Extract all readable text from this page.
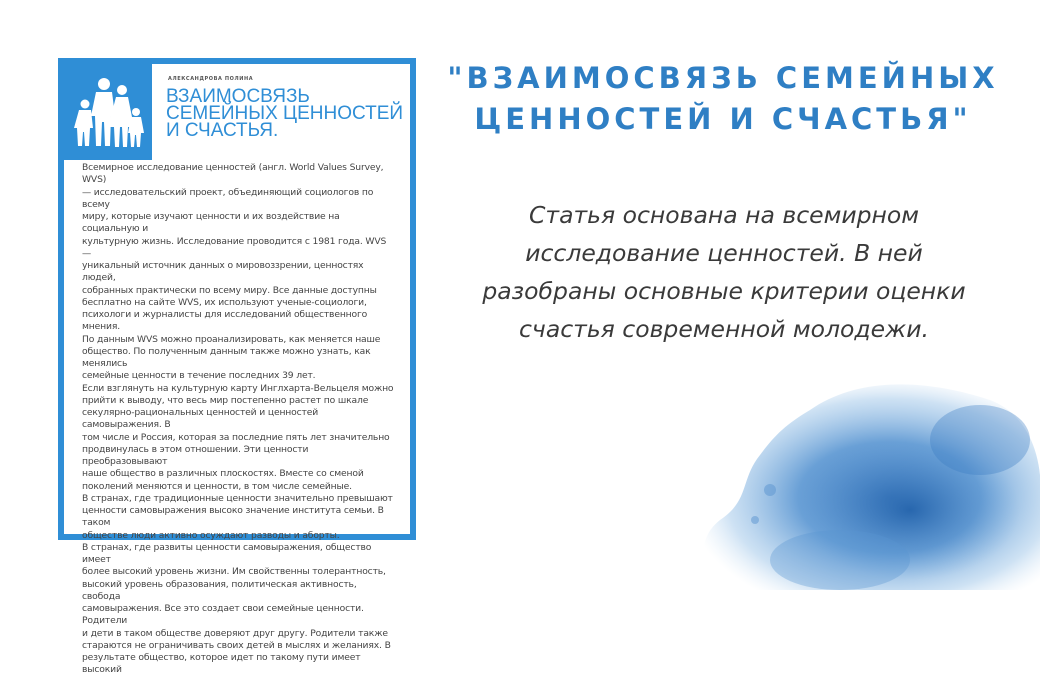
АЛЕКСАНДРОВА ПОЛИНА
ВЗАИМОСВЯЗЬ СЕМЕЙНЫХ ЦЕННОСТЕЙ И СЧАСТЬЯ.
Всемирное исследование ценностей (англ. World Values Survey, WVS)
— исследовательский проект, объединяющий социологов по всему
миру, которые изучают ценности и их воздействие на социальную и
культурную жизнь. Исследование проводится с 1981 года. WVS —
уникальный источник данных о мировоззрении, ценностях людей,
собранных практически по всему миру. Все данные доступны
бесплатно на сайте WVS, их используют ученые-социологи,
психологи и журналисты для исследований общественного мнения.
По данным WVS можно проанализировать, как меняется наше
общество. По полученным данным также можно узнать, как менялись
семейные ценности в течение последних 39 лет.
Если взглянуть на культурную карту Инглхарта-Вельцеля можно
прийти к выводу, что весь мир постепенно растет по шкале
секулярно-рациональных ценностей и ценностей самовыражения. В
том числе и Россия, которая за последние пять лет значительно
продвинулась в этом отношении. Эти ценности преобразовывают
наше общество в различных плоскостях. Вместе со сменой
поколений меняются и ценности, в том числе семейные.
В странах, где традиционные ценности значительно превышают
ценности самовыражения высоко значение института семьи. В таком
обществе люди активно осуждают разводы и аборты.
В странах, где развиты ценности самовыражения, общество имеет
более высокий уровень жизни. Им свойственны толерантность,
высокий уровень образования, политическая активность, свобода
самовыражения. Все это создает свои семейные ценности. Родители
и дети в таком обществе доверяют друг другу. Родители также
стараются не ограничивать своих детей в мыслях и желаниях. В
результате общество, которое идет по такому пути имеет высокий
"ВЗАИМОСВЯЗЬ СЕМЕЙНЫХ ЦЕННОСТЕЙ И СЧАСТЬЯ"
Статья основана на всемирном исследование ценностей. В ней разобраны основные критерии оценки счастья современной молодежи.
